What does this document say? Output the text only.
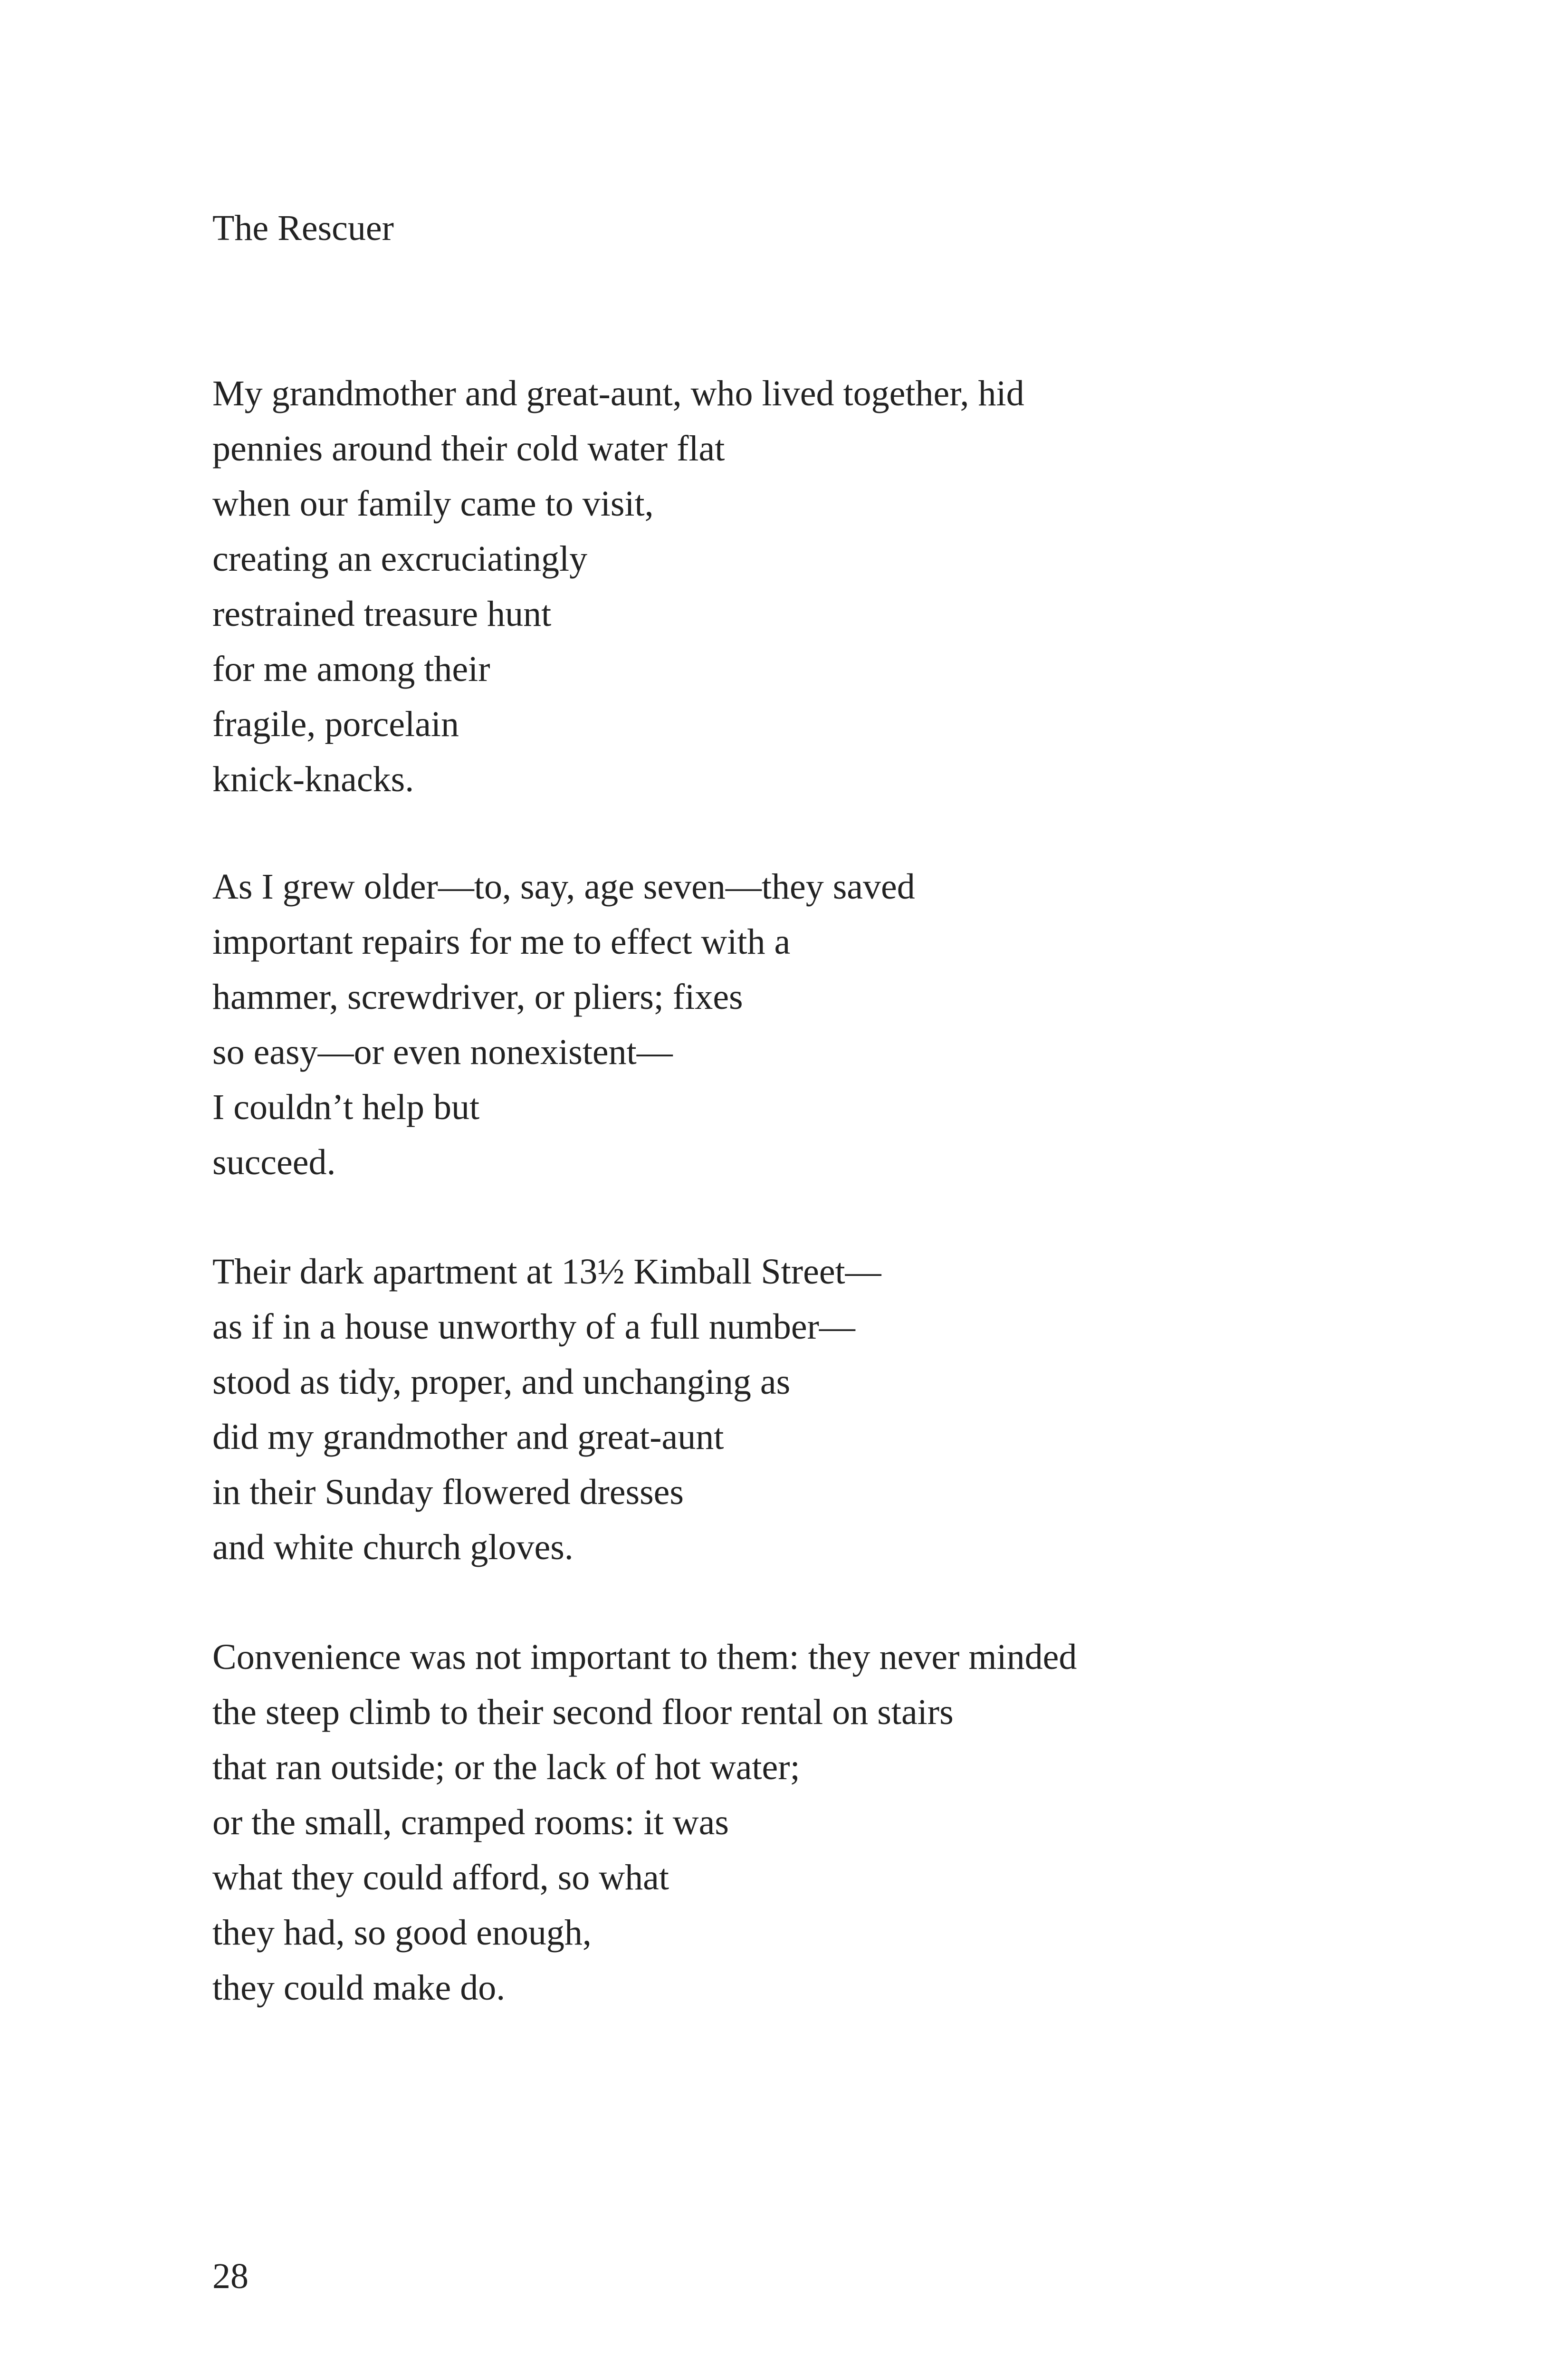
The Rescuer
My grandmother and great-aunt, who lived together, hid
pennies around their cold water flat
when our family came to visit,
creating an excruciatingly
restrained treasure hunt
for me among their
fragile, porcelain
knick-knacks.
As I grew older—to, say, age seven—they saved
important repairs for me to effect with a
hammer, screwdriver, or pliers; fixes
so easy—or even nonexistent—
I couldn’t help but
succeed.
Their dark apartment at 13½ Kimball Street—
as if in a house unworthy of a full number—
stood as tidy, proper, and unchanging as
did my grandmother and great-aunt
in their Sunday flowered dresses
and white church gloves.
Convenience was not important to them: they never minded
the steep climb to their second floor rental on stairs
that ran outside; or the lack of hot water;
or the small, cramped rooms: it was
what they could afford, so what
they had, so good enough,
they could make do.
28
